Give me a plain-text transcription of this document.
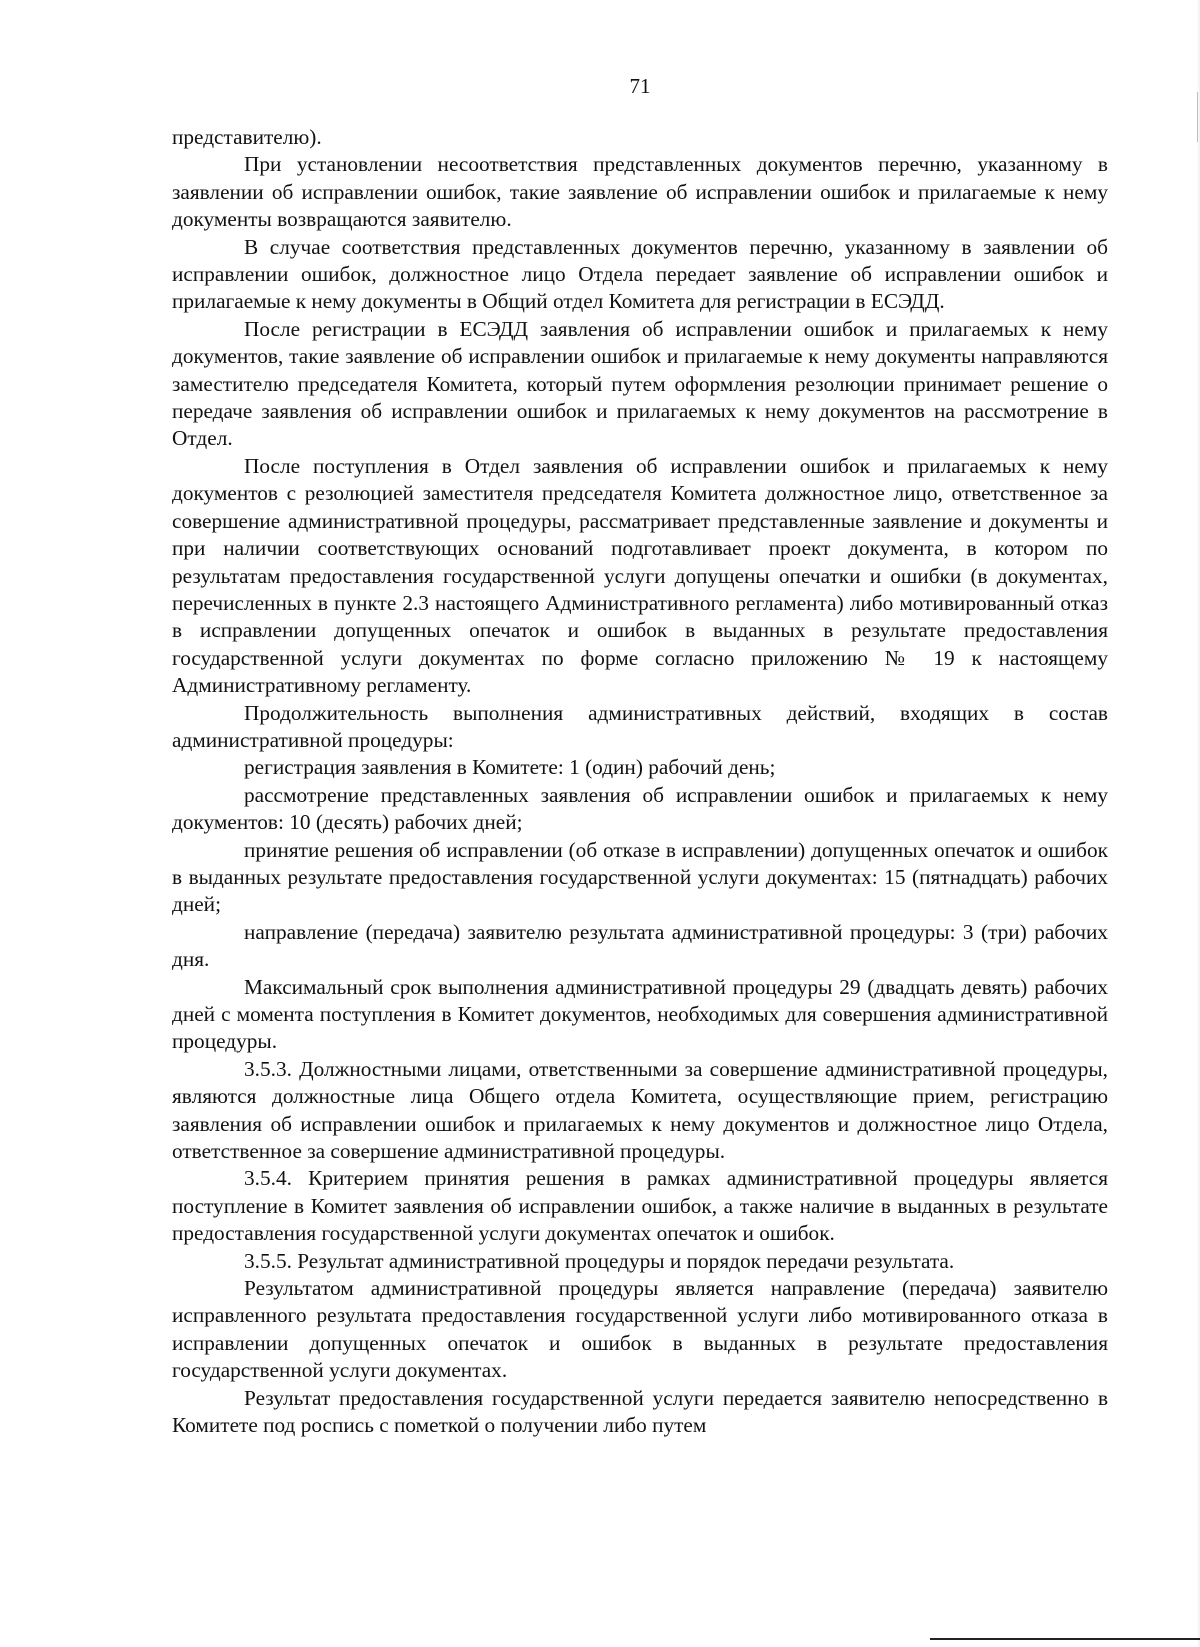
71

представителю).

При установлении несоответствия представленных документов перечню, указанному в заявлении об исправлении ошибок, такие заявление об исправлении ошибок и прилагаемые к нему документы возвращаются заявителю.

В случае соответствия представленных документов перечню, указанному в заявлении об исправлении ошибок, должностное лицо Отдела передает заявление об исправлении ошибок и прилагаемые к нему документы в Общий отдел Комитета для регистрации в ЕСЭДД.

После регистрации в ЕСЭДД заявления об исправлении ошибок и прилагаемых к нему документов, такие заявление об исправлении ошибок и прилагаемые к нему документы направляются заместителю председателя Комитета, который путем оформления резолюции принимает решение о передаче заявления об исправлении ошибок и прилагаемых к нему документов на рассмотрение в Отдел.

После поступления в Отдел заявления об исправлении ошибок и прилагаемых к нему документов с резолюцией заместителя председателя Комитета должностное лицо, ответственное за совершение административной процедуры, рассматривает представленные заявление и документы и при наличии соответствующих оснований подготавливает проект документа, в котором по результатам предоставления государственной услуги допущены опечатки и ошибки (в документах, перечисленных в пункте 2.3 настоящего Административного регламента) либо мотивированный отказ в исправлении допущенных опечаток и ошибок в выданных в результате предоставления государственной услуги документах по форме согласно приложению № 19 к настоящему Административному регламенту.

Продолжительность выполнения административных действий, входящих в состав административной процедуры:

регистрация заявления в Комитете: 1 (один) рабочий день;

рассмотрение представленных заявления об исправлении ошибок и прилагаемых к нему документов: 10 (десять) рабочих дней;

принятие решения об исправлении (об отказе в исправлении) допущенных опечаток и ошибок в выданных результате предоставления государственной услуги документах: 15 (пятнадцать) рабочих дней;

направление (передача) заявителю результата административной процедуры: 3 (три) рабочих дня.

Максимальный срок выполнения административной процедуры 29 (двадцать девять) рабочих дней с момента поступления в Комитет документов, необходимых для совершения административной процедуры.

3.5.3. Должностными лицами, ответственными за совершение административной процедуры, являются должностные лица Общего отдела Комитета, осуществляющие прием, регистрацию заявления об исправлении ошибок и прилагаемых к нему документов и должностное лицо Отдела, ответственное за совершение административной процедуры.

3.5.4. Критерием принятия решения в рамках административной процедуры является поступление в Комитет заявления об исправлении ошибок, а также наличие в выданных в результате предоставления государственной услуги документах опечаток и ошибок.

3.5.5. Результат административной процедуры и порядок передачи результата.

Результатом административной процедуры является направление (передача) заявителю исправленного результата предоставления государственной услуги либо мотивированного отказа в исправлении допущенных опечаток и ошибок в выданных в результате предоставления государственной услуги документах.

Результат предоставления государственной услуги передается заявителю непосредственно в Комитете под роспись с пометкой о получении либо путем
